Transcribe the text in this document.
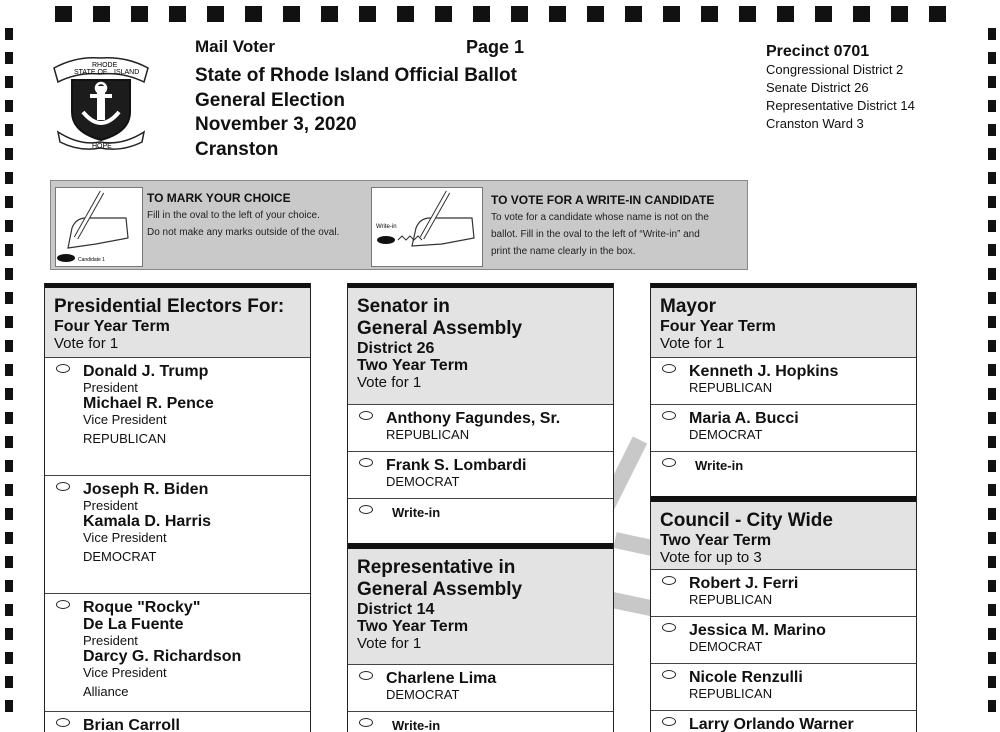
STATE OF
RHODE
ISLAND
HOPE
Mail Voter
State of Rhode Island Official Ballot
General Election
November 3, 2020
Cranston
Page 1	Precinct 0701
Congressional District 2
Senate District 26
Representative District 14
Cranston Ward 3
Candidate 1
TO MARK YOUR CHOICE
Fill in the oval to the left of your choice.
Do not make any marks outside of the oval.	Write-in
TO VOTE FOR A WRITE-IN CANDIDATE
To vote for a candidate whose name is not on the
ballot. Fill in the oval to the left of “Write-in” and
print the name clearly in the box.
Presidential Electors For:
Four Year Term
Vote for 1
Donald J. Trump
President
Michael R. Pence
Vice President
REPUBLICAN
Joseph R. Biden
President
Kamala D. Harris
Vice President
DEMOCRAT
Roque "Rocky"
De La Fuente
President
Darcy G. Richardson
Vice President
Alliance
Brian Carroll
Senator in
General Assembly
District 26
Two Year Term
Vote for 1
Anthony Fagundes, Sr.
REPUBLICAN
Frank S. Lombardi
DEMOCRAT
Write-in
Representative in
General Assembly
District 14
Two Year Term
Vote for 1
Charlene Lima
DEMOCRAT
Write-in
Mayor
Four Year Term
Vote for 1
Kenneth J. Hopkins
REPUBLICAN
Maria A. Bucci
DEMOCRAT
Write-in
Council - City Wide
Two Year Term
Vote for up to 3
Robert J. Ferri
REPUBLICAN
Jessica M. Marino
DEMOCRAT
Nicole Renzulli
REPUBLICAN
Larry Orlando Warner
